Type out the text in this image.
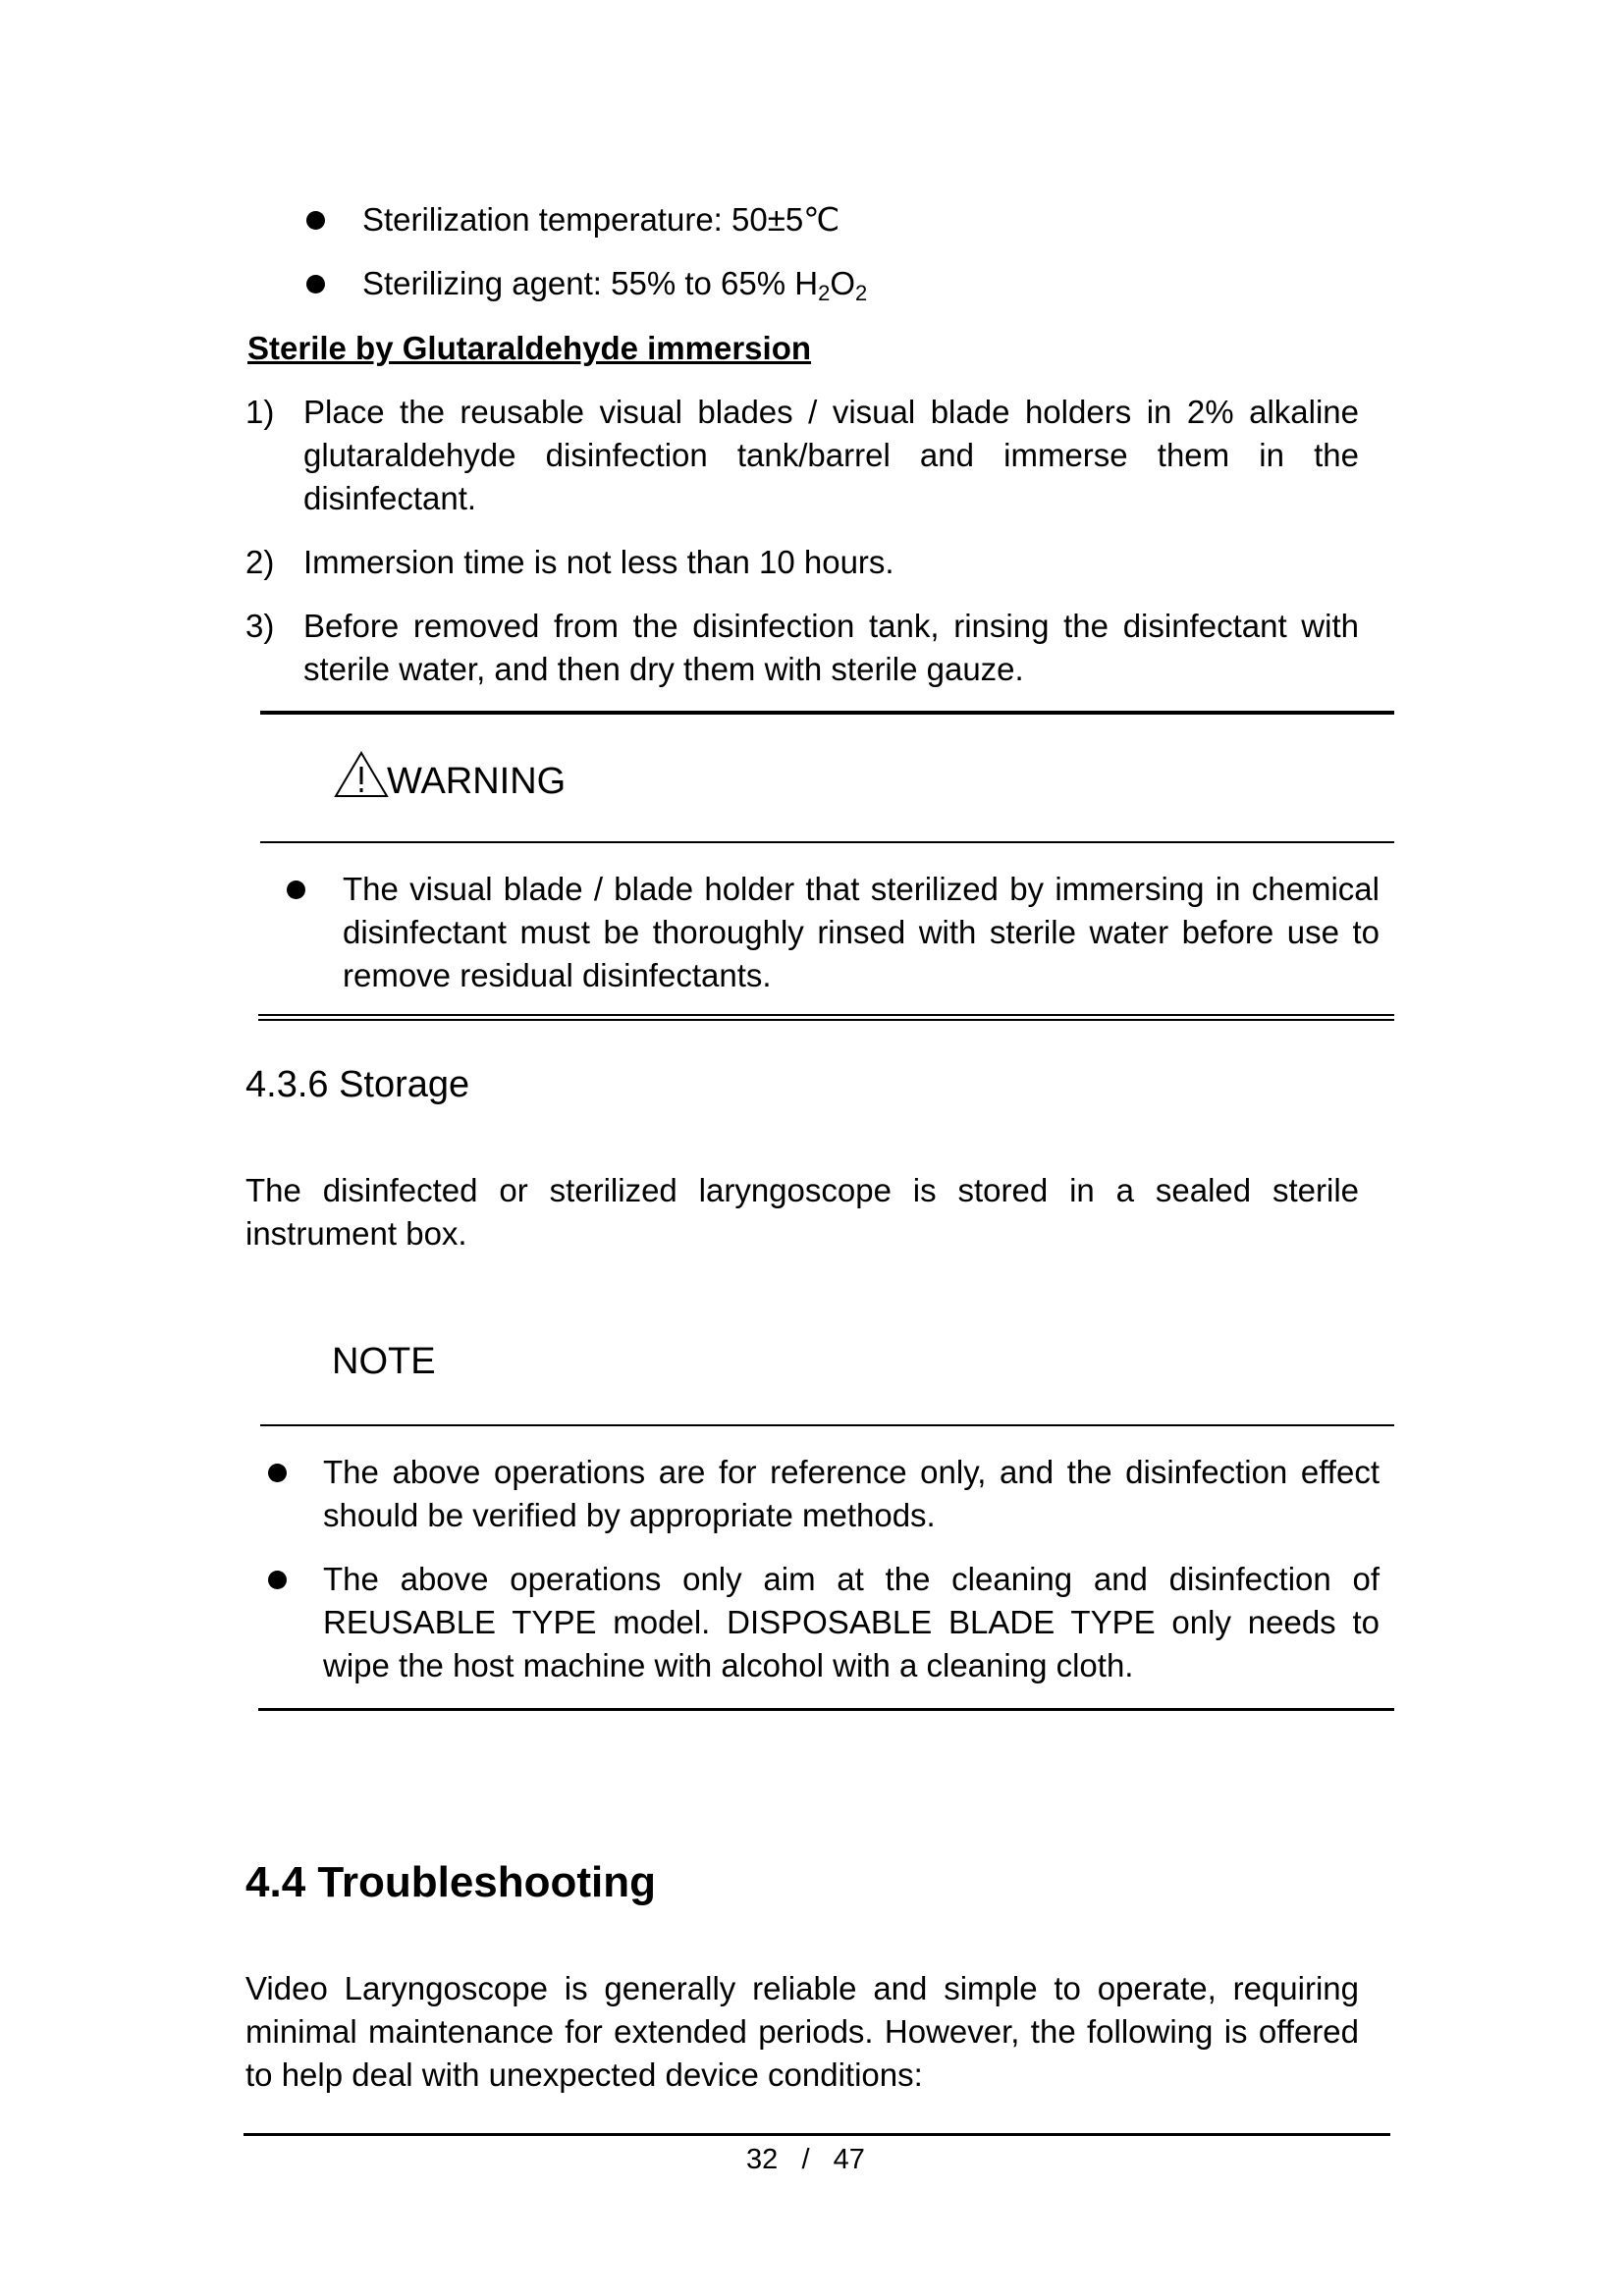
Sterilization temperature: 50±5℃
Sterilizing agent: 55% to 65% $H_2O_2$
Sterile by Glutaraldehyde immersion
1) Place the reusable visual blades / visual blade holders in 2% alkaline glutaraldehyde disinfection tank/barrel and immerse them in the disinfectant.
2) Immersion time is not less than 10 hours.
3) Before removed from the disinfection tank, rinsing the disinfectant with sterile water, and then dry them with sterile gauze.
WARNING
The visual blade / blade holder that sterilized by immersing in chemical disinfectant must be thoroughly rinsed with sterile water before use to remove residual disinfectants.
4.3.6 Storage
The disinfected or sterilized laryngoscope is stored in a sealed sterile instrument box.
NOTE
The above operations are for reference only, and the disinfection effect should be verified by appropriate methods.
The above operations only aim at the cleaning and disinfection of REUSABLE TYPE model. DISPOSABLE BLADE TYPE only needs to wipe the host machine with alcohol with a cleaning cloth.
4.4 Troubleshooting
Video Laryngoscope is generally reliable and simple to operate, requiring minimal maintenance for extended periods. However, the following is offered to help deal with unexpected device conditions:
32 / 47
